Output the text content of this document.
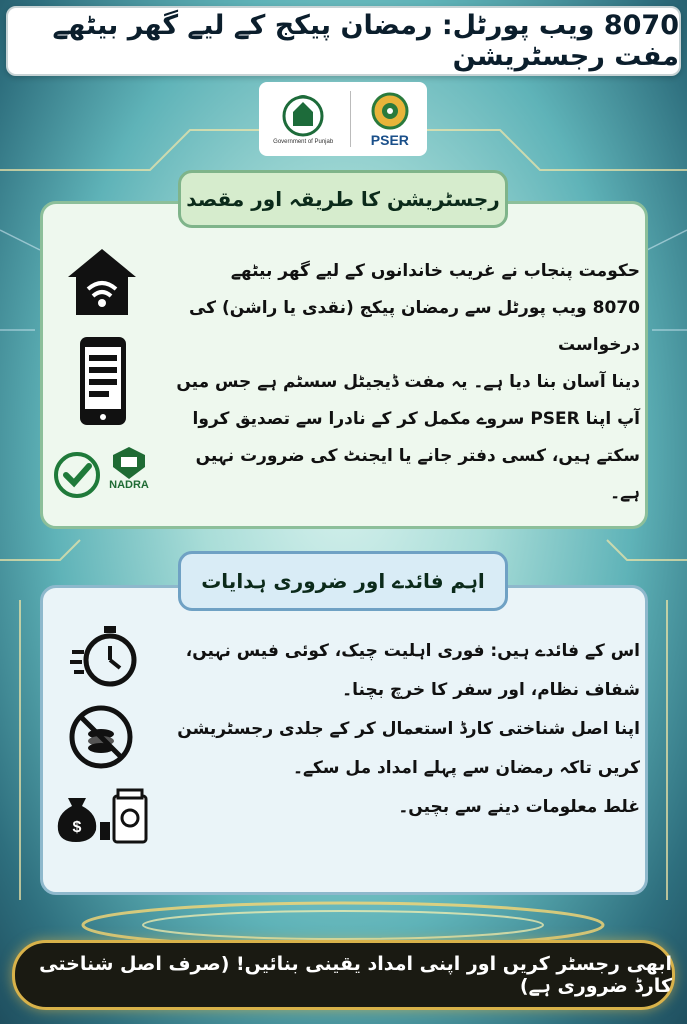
8070 ویب پورٹل: رمضان پیکج کے لیے گھر بیٹھے مفت رجسٹریشن
Government of Punjab	PSER
رجسٹریشن کا طریقہ اور مقصد
حکومت پنجاب نے غریب خاندانوں کے لیے گھر بیٹھے
8070 ویب پورٹل سے رمضان پیکج (نقدی یا راشن) کی درخواست
دینا آسان بنا دیا ہے۔ یہ مفت ڈیجیٹل سسٹم ہے جس میں
آپ اپنا PSER سروے مکمل کر کے نادرا سے تصدیق کروا
سکتے ہیں، کسی دفتر جانے یا ایجنٹ کی ضرورت نہیں ہے۔
NADRA
اہم فائدے اور ضروری ہدایات
اس کے فائدے ہیں: فوری اہلیت چیک، کوئی فیس نہیں،
شفاف نظام، اور سفر کا خرچ بچنا۔
اپنا اصل شناختی کارڈ استعمال کر کے جلدی رجسٹریشن
کریں تاکہ رمضان سے پہلے امداد مل سکے۔
غلط معلومات دینے سے بچیں۔
$
ابھی رجسٹر کریں اور اپنی امداد یقینی بنائیں! (صرف اصل شناختی کارڈ ضروری ہے)
